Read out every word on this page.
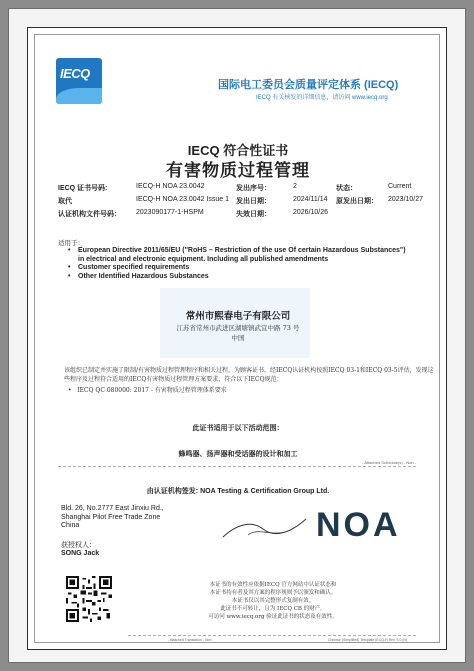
IECQ
国际电工委员会质量评定体系 (IECQ)
IECQ 有关核发的详细信息，请访问 www.iecq.org
IECQ 符合性证书
有害物质过程管理
IECQ 证书号码:	IECQ-H NOA 23.0042	发出序号：	2	状态：	Current
取代	IECQ-H NOA 23.0042 Issue 1 发出日期：	2024/11/14 原发出日期： 2023/10/27
认证机构文件号码： 2023090177-1-HSPM	失效日期：	2026/10/26
适用于：
•	European Directive 2011/65/EU ("RoHS – Restriction of the use Of certain Hazardous Substances") in electrical and electronic equipment. Including all published amendments
•	Customer specified requirements
•	Other Identified Hazardous Substances
常州市熙春电子有限公司
江苏省常州市武进区湖塘镇武宜中路 73 号
中国
该组织已制定并实施了限制/有害物质过程管理程序和相关过程，为顾客证书，经IECQ认证机构按照IECQ 03-1和IECQ 03-5评估，发现这些程序及过程符合适用的IECQ有害物质过程管理方案要求，符合以下IECQ规范：
•   IECQ QC 080000: 2017 - 有害物质过程管理体系要求
此证书适用于以下活动范围：
蜂鸣器、扬声器和受话器的设计和加工
- Attached Schedule(s) - Non -
由认证机构签发: NOA Testing & Certification Group Ltd.
Bld. 26, No.2777 East Jinxiu Rd.,
Shanghai Pilot Free Trade Zone
China	NOA
获授权人：
SONG Jack
本证书的有效性应依据IECQ 官方网站中认证状态和
本证书持有者及其方案的程序规则予以颁发和确认。
本证书仅以其完整形式复制有效。
此证书不可转让，且为 IECQ CB 的财产。
可访问 www.iecq.org 验证此证书的状态及有效性。
- Attached Translation - Non -	Chinese (Simplified) Template IECQ-H Rev. 9.0 (H)
